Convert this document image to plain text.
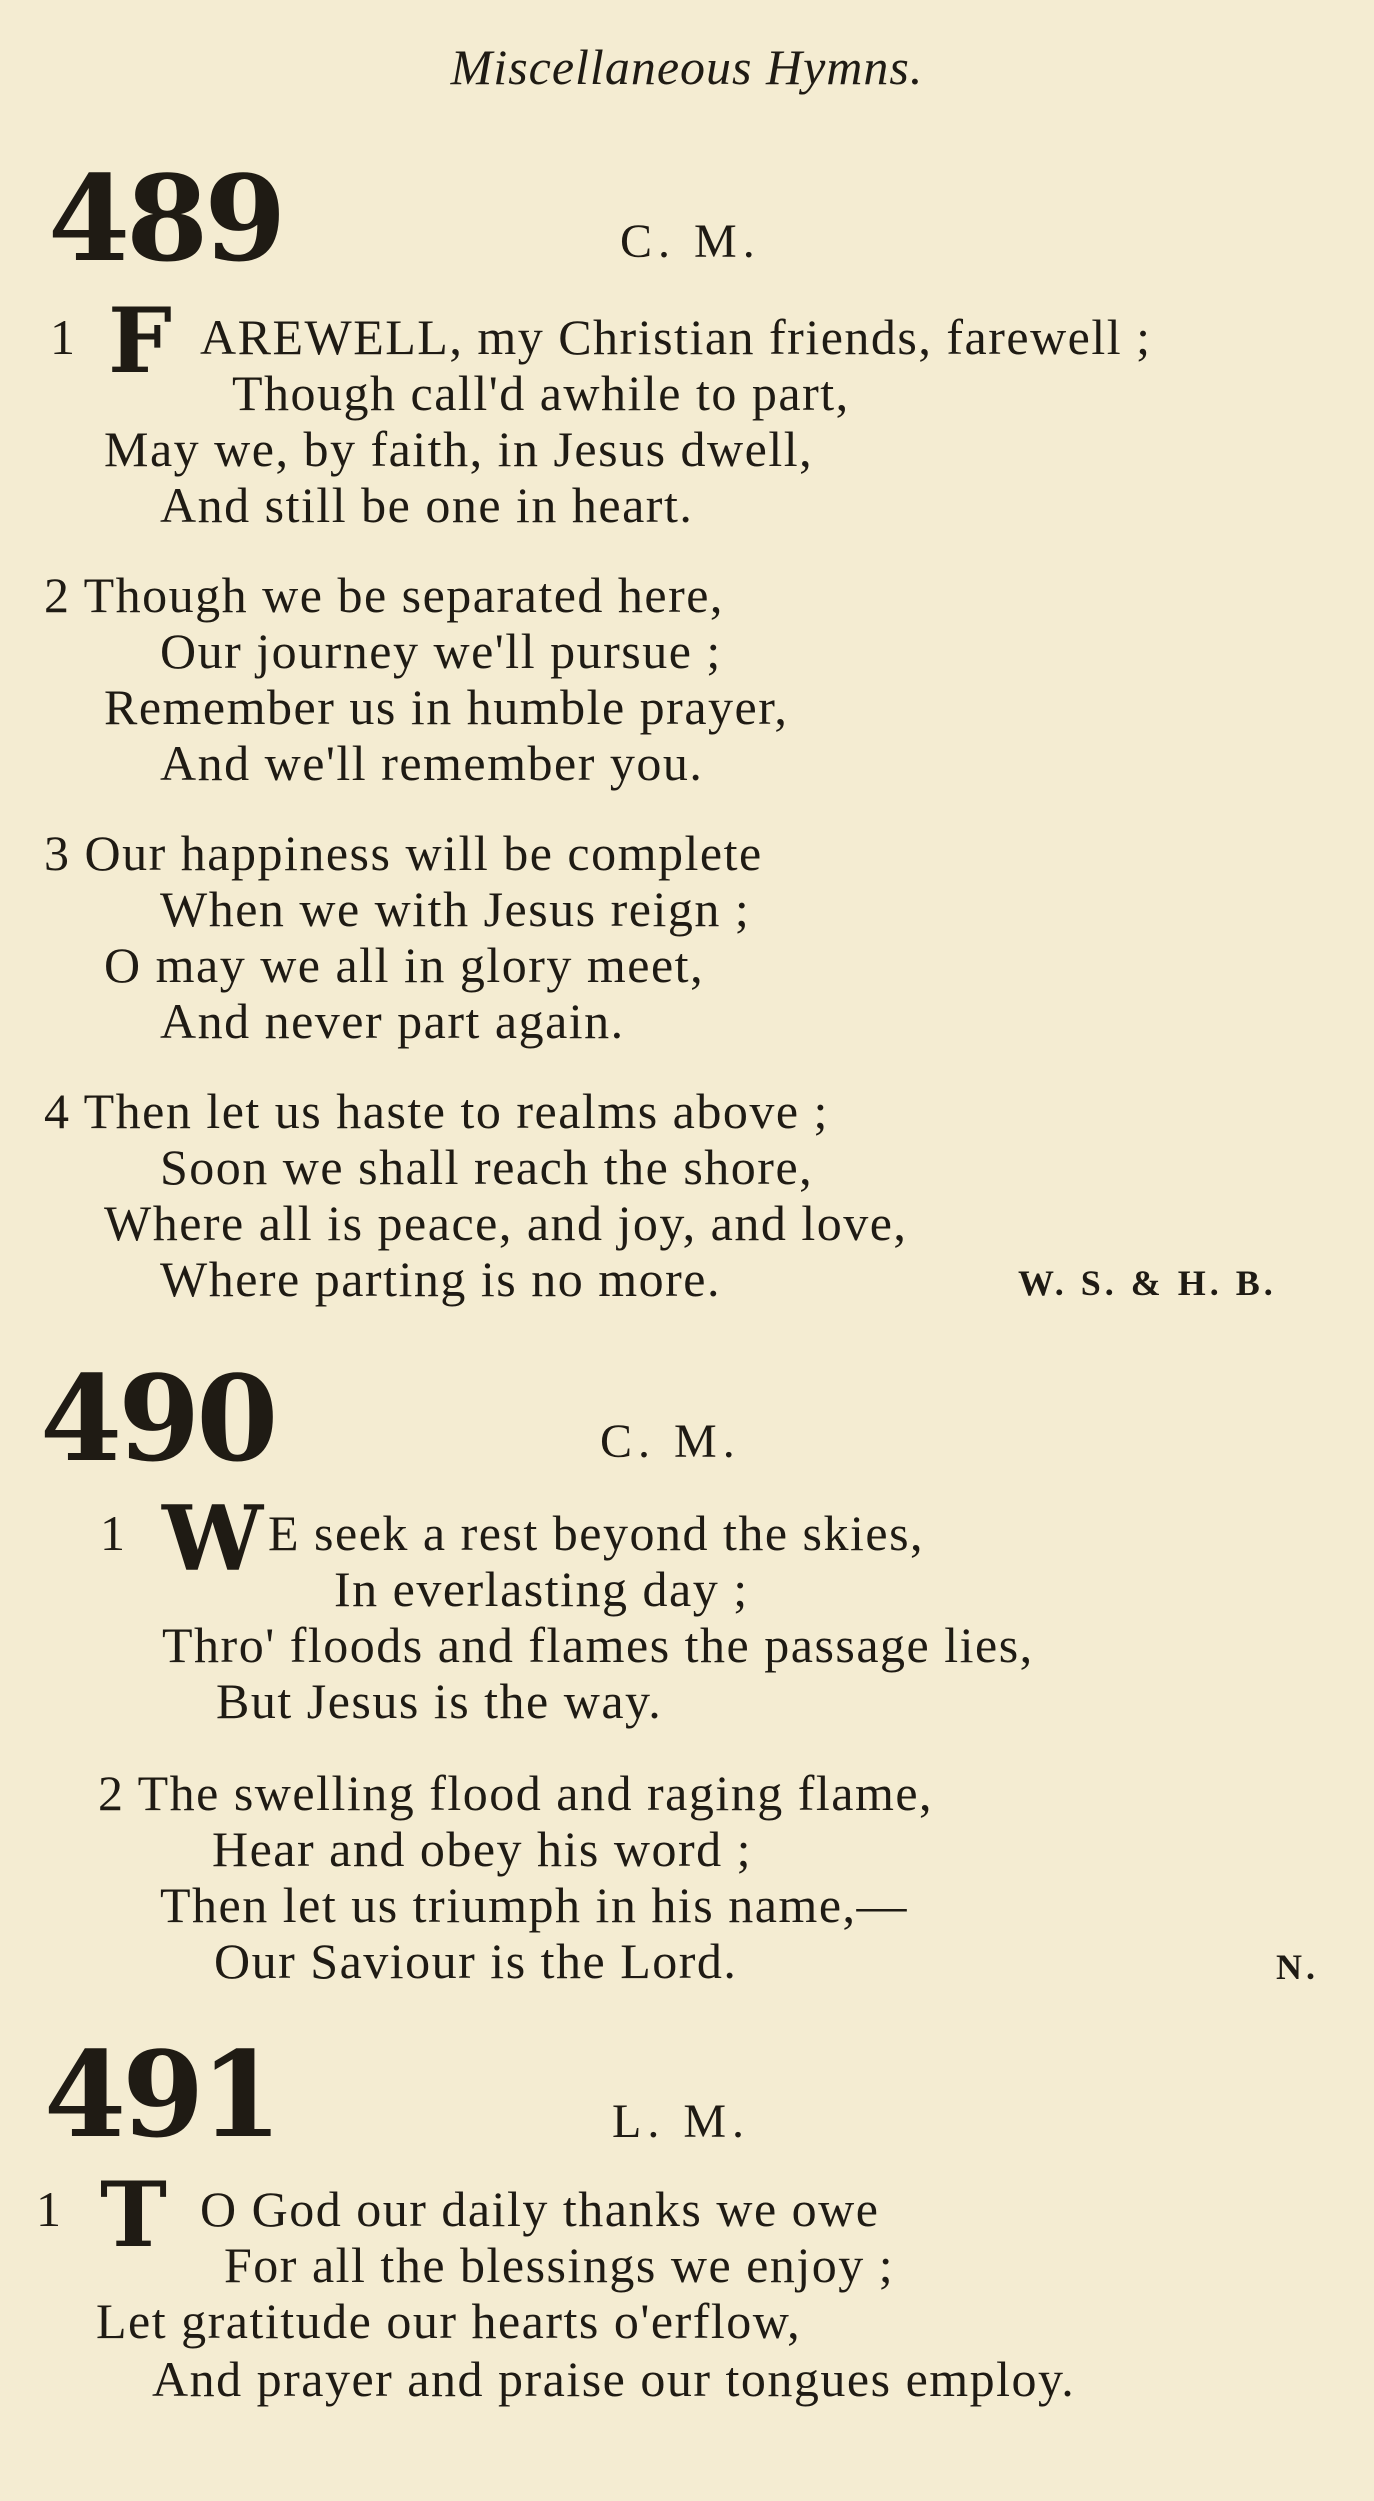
Miscellaneous Hymns.
489	C. M.
1 F AREWELL, my Christian friends, farewell ;
Though call'd awhile to part,
May we, by faith, in Jesus dwell,
And still be one in heart.
2 Though we be separated here,
Our journey we'll pursue ;
Remember us in humble prayer,
And we'll remember you.
3 Our happiness will be complete
When we with Jesus reign ;
O may we all in glory meet,
And never part again.
4 Then let us haste to realms above ;
Soon we shall reach the shore,
Where all is peace, and joy, and love,
Where parting is no more.	W. S. & H. B.
490	C. M.
1 W E seek a rest beyond the skies,
In everlasting day ;
Thro' floods and flames the passage lies,
But Jesus is the way.
2 The swelling flood and raging flame,
Hear and obey his word ;
Then let us triumph in his name,—
Our Saviour is the Lord.	N.
491	L. M.
1 T O God our daily thanks we owe
For all the blessings we enjoy ;
Let gratitude our hearts o'erflow,
And prayer and praise our tongues employ.
